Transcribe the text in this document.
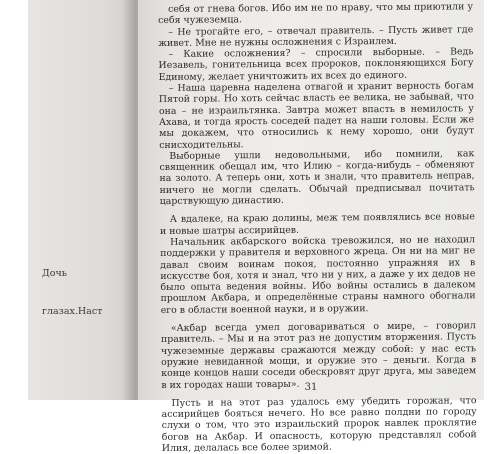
Дочь
глазах.Наст

себя от гнева богов. Ибо им не по нраву, что мы приютили у себя чужеземца.

– Не трогайте его, – отвечал правитель. – Пусть живет где живет. Мне не нужны осложнения с Израилем.

– Какие осложнения? – спросили выборные. – Ведь Иезавель, гонительница всех пророков, поклоняющихся Богу Единому, желает уничтожить их всех до единого.

– Наша царевна наделена отвагой и хранит верность богам Пятой горы. Но хоть сейчас власть ее велика, не забывай, что она – не израильтянка. Завтра может впасть в немилость у Ахава, и тогда ярость соседей падет на наши головы. Если же мы докажем, что относились к нему хорошо, они будут снисходительны.

Выборные ушли недовольными, ибо помнили, как священник обещал им, что Илию – когда-нибудь – обменяют на золото. А теперь они, хоть и знали, что правитель неправ, ничего не могли сделать. Обычай предписывал почитать царствующую династию.

А вдалеке, на краю долины, меж тем появлялись все новые и новые шатры ассирийцев.

Начальник акбарского войска тревожился, но не находил поддержки у правителя и верховного жреца. Он ни на миг не давал своим воинам покоя, постоянно упражняя их в искусстве боя, хотя и знал, что ни у них, а даже у их дедов не было опыта ведения войны. Ибо войны остались в далеком прошлом Акбара, и определённые страны намного обогнали его в области военной науки, и в оружии.

«Акбар всегда умел договариваться о мире, – говорил правитель. – Мы и на этот раз не допустим вторжения. Пусть чужеземные державы сражаются между собой: у нас есть оружие невиданной мощи, и оружие это – деньги. Когда в конце концов наши соседи обескровят друг друга, мы заведем в их городах наши товары».

Пусть и на этот раз удалось ему убедить горожан, что ассирийцев бояться нечего. Но все равно полдни по городу слухи о том, что это израильский пророк навлек проклятие богов на Акбар. И опасность, которую представлял собой Илия, делалась все более зримой.

31
